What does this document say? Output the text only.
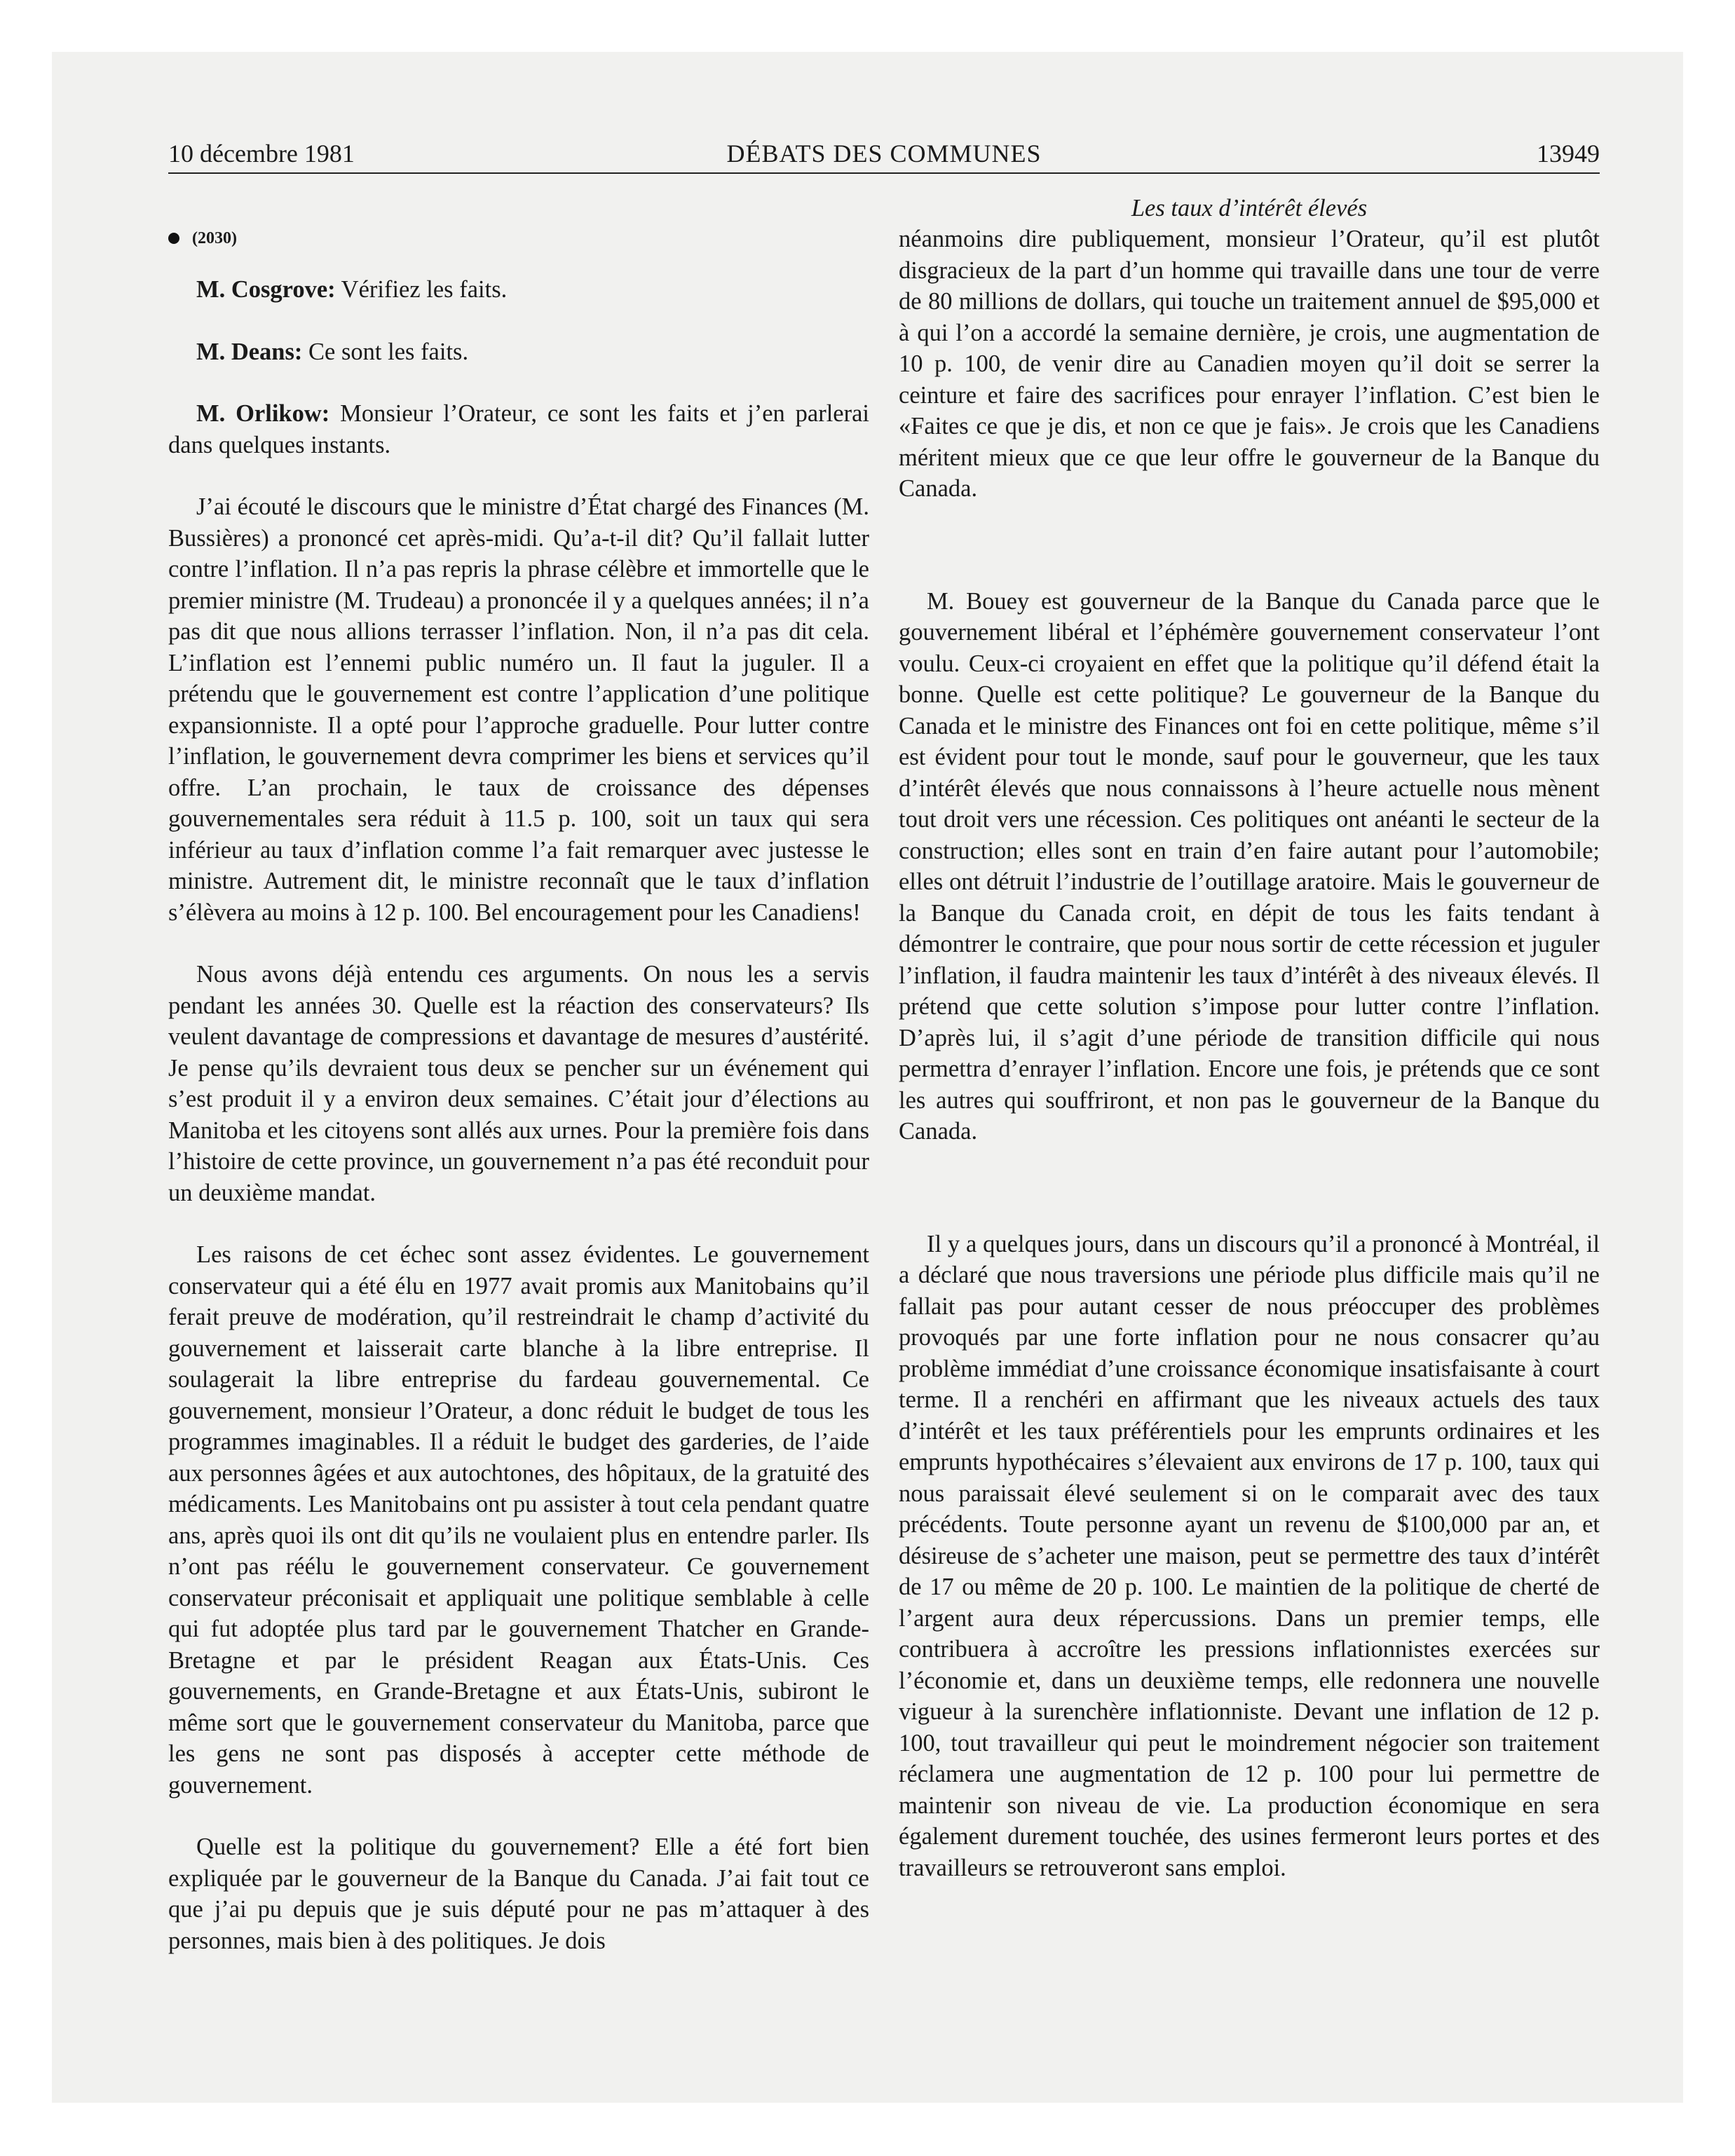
10 décembre 1981	DÉBATS DES COMMUNES	13949
(2030)

M. Cosgrove: Vérifiez les faits.

M. Deans: Ce sont les faits.

M. Orlikow: Monsieur l’Orateur, ce sont les faits et j’en parlerai dans quelques instants.

J’ai écouté le discours que le ministre d’État chargé des Finances (M. Bussières) a prononcé cet après-midi. Qu’a-t-il dit? Qu’il fallait lutter contre l’inflation. Il n’a pas repris la phrase célèbre et immortelle que le premier ministre (M. Trudeau) a prononcée il y a quelques années; il n’a pas dit que nous allions terrasser l’inflation. Non, il n’a pas dit cela. L’inflation est l’ennemi public numéro un. Il faut la juguler. Il a prétendu que le gouvernement est contre l’application d’une politique expansionniste. Il a opté pour l’approche graduelle. Pour lutter contre l’inflation, le gouvernement devra comprimer les biens et services qu’il offre. L’an prochain, le taux de croissance des dépenses gouvernementales sera réduit à 11.5 p. 100, soit un taux qui sera inférieur au taux d’inflation comme l’a fait remarquer avec justesse le ministre. Autrement dit, le ministre reconnaît que le taux d’inflation s’élèvera au moins à 12 p. 100. Bel encouragement pour les Canadiens!

Nous avons déjà entendu ces arguments. On nous les a servis pendant les années 30. Quelle est la réaction des conservateurs? Ils veulent davantage de compressions et davantage de mesures d’austérité. Je pense qu’ils devraient tous deux se pencher sur un événement qui s’est produit il y a environ deux semaines. C’était jour d’élections au Manitoba et les citoyens sont allés aux urnes. Pour la première fois dans l’histoire de cette province, un gouvernement n’a pas été reconduit pour un deuxième mandat.

Les raisons de cet échec sont assez évidentes. Le gouvernement conservateur qui a été élu en 1977 avait promis aux Manitobains qu’il ferait preuve de modération, qu’il restreindrait le champ d’activité du gouvernement et laisserait carte blanche à la libre entreprise. Il soulagerait la libre entreprise du fardeau gouvernemental. Ce gouvernement, monsieur l’Orateur, a donc réduit le budget de tous les programmes imaginables. Il a réduit le budget des garderies, de l’aide aux personnes âgées et aux autochtones, des hôpitaux, de la gratuité des médicaments. Les Manitobains ont pu assister à tout cela pendant quatre ans, après quoi ils ont dit qu’ils ne voulaient plus en entendre parler. Ils n’ont pas réélu le gouvernement conservateur. Ce gouvernement conservateur préconisait et appliquait une politique semblable à celle qui fut adoptée plus tard par le gouvernement Thatcher en Grande-Bretagne et par le président Reagan aux États-Unis. Ces gouvernements, en Grande-Bretagne et aux États-Unis, subiront le même sort que le gouvernement conservateur du Manitoba, parce que les gens ne sont pas disposés à accepter cette méthode de gouvernement.

Quelle est la politique du gouvernement? Elle a été fort bien expliquée par le gouverneur de la Banque du Canada. J’ai fait tout ce que j’ai pu depuis que je suis député pour ne pas m’attaquer à des personnes, mais bien à des politiques. Je dois

Les taux d’intérêt élevés

néanmoins dire publiquement, monsieur l’Orateur, qu’il est plutôt disgracieux de la part d’un homme qui travaille dans une tour de verre de 80 millions de dollars, qui touche un traitement annuel de $95,000 et à qui l’on a accordé la semaine dernière, je crois, une augmentation de 10 p. 100, de venir dire au Canadien moyen qu’il doit se serrer la ceinture et faire des sacrifices pour enrayer l’inflation. C’est bien le «Faites ce que je dis, et non ce que je fais». Je crois que les Canadiens méritent mieux que ce que leur offre le gouverneur de la Banque du Canada.

M. Bouey est gouverneur de la Banque du Canada parce que le gouvernement libéral et l’éphémère gouvernement conservateur l’ont voulu. Ceux-ci croyaient en effet que la politique qu’il défend était la bonne. Quelle est cette politique? Le gouverneur de la Banque du Canada et le ministre des Finances ont foi en cette politique, même s’il est évident pour tout le monde, sauf pour le gouverneur, que les taux d’intérêt élevés que nous connaissons à l’heure actuelle nous mènent tout droit vers une récession. Ces politiques ont anéanti le secteur de la construction; elles sont en train d’en faire autant pour l’automobile; elles ont détruit l’industrie de l’outillage aratoire. Mais le gouverneur de la Banque du Canada croit, en dépit de tous les faits tendant à démontrer le contraire, que pour nous sortir de cette récession et juguler l’inflation, il faudra maintenir les taux d’intérêt à des niveaux élevés. Il prétend que cette solution s’impose pour lutter contre l’inflation. D’après lui, il s’agit d’une période de transition difficile qui nous permettra d’enrayer l’inflation. Encore une fois, je prétends que ce sont les autres qui souffriront, et non pas le gouverneur de la Banque du Canada.

Il y a quelques jours, dans un discours qu’il a prononcé à Montréal, il a déclaré que nous traversions une période plus difficile mais qu’il ne fallait pas pour autant cesser de nous préoccuper des problèmes provoqués par une forte inflation pour ne nous consacrer qu’au problème immédiat d’une croissance économique insatisfaisante à court terme. Il a renchéri en affirmant que les niveaux actuels des taux d’intérêt et les taux préférentiels pour les emprunts ordinaires et les emprunts hypothécaires s’élevaient aux environs de 17 p. 100, taux qui nous paraissait élevé seulement si on le comparait avec des taux précédents. Toute personne ayant un revenu de $100,000 par an, et désireuse de s’acheter une maison, peut se permettre des taux d’intérêt de 17 ou même de 20 p. 100. Le maintien de la politique de cherté de l’argent aura deux répercussions. Dans un premier temps, elle contribuera à accroître les pressions inflationnistes exercées sur l’économie et, dans un deuxième temps, elle redonnera une nouvelle vigueur à la surenchère inflationniste. Devant une inflation de 12 p. 100, tout travailleur qui peut le moindrement négocier son traitement réclamera une augmentation de 12 p. 100 pour lui permettre de maintenir son niveau de vie. La production économique en sera également durement touchée, des usines fermeront leurs portes et des travailleurs se retrouveront sans emploi.
